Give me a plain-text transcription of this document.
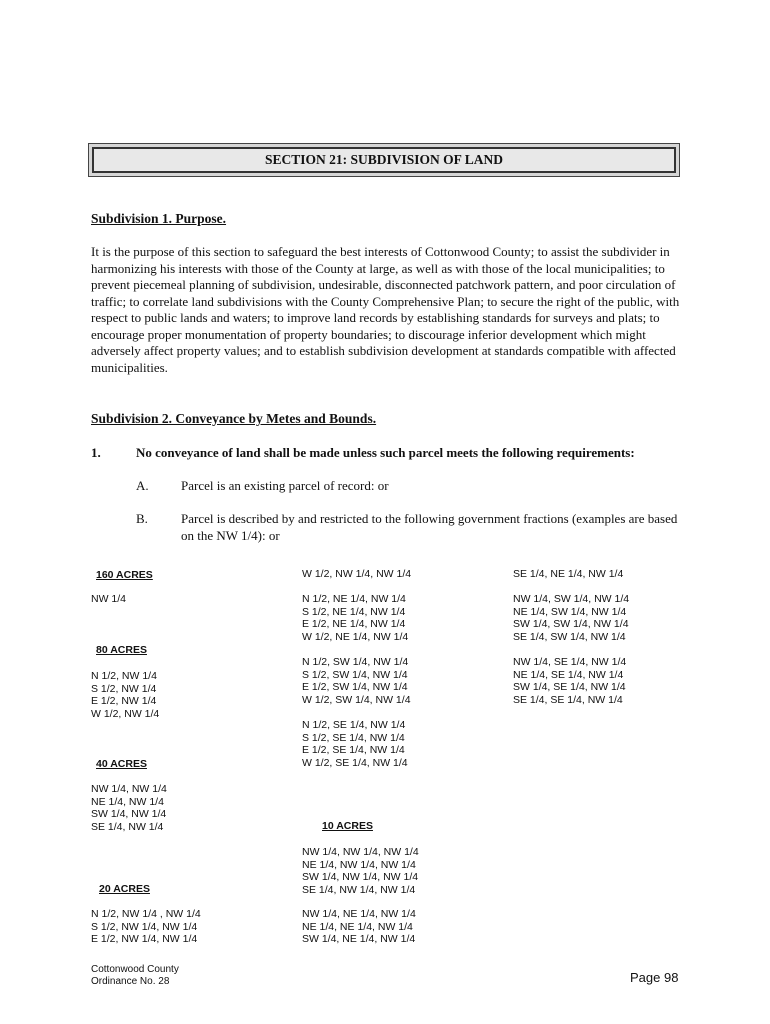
SECTION 21: SUBDIVISION OF LAND
Subdivision 1. Purpose.
It is the purpose of this section to safeguard the best interests of Cottonwood County; to assist the subdivider in harmonizing his interests with those of the County at large, as well as with those of the local municipalities; to prevent piecemeal planning of subdivision, undesirable, disconnected patchwork pattern, and poor circulation of traffic; to correlate land subdivisions with the County Comprehensive Plan; to secure the right of the public, with respect to public lands and waters; to improve land records by establishing standards for surveys and plats; to encourage proper monumentation of property boundaries; to discourage inferior development which might adversely affect property values; and to establish subdivision development at standards compatible with affected municipalities.
Subdivision 2. Conveyance by Metes and Bounds.
1.	No conveyance of land shall be made unless such parcel meets the following requirements:
A. Parcel is an existing parcel of record: or
B.	Parcel is described by and restricted to the following government fractions (examples are based on the NW 1/4): or
160 ACRES
NW 1/4
80 ACRES
N 1/2, NW 1/4
S 1/2, NW 1/4
E 1/2, NW 1/4
W 1/2, NW 1/4
40 ACRES
NW 1/4, NW 1/4
NE 1/4, NW 1/4
SW 1/4, NW 1/4
SE 1/4, NW 1/4
20 ACRES
N 1/2, NW 1/4 , NW 1/4
S 1/2, NW 1/4, NW 1/4
E 1/2, NW 1/4, NW 1/4
W 1/2, NW 1/4, NW 1/4
N 1/2, NE 1/4, NW 1/4
S 1/2, NE 1/4, NW 1/4
E 1/2, NE 1/4, NW 1/4
W 1/2, NE 1/4, NW 1/4
N 1/2, SW 1/4, NW 1/4
S 1/2, SW 1/4, NW 1/4
E 1/2, SW 1/4, NW 1/4
W 1/2, SW 1/4, NW 1/4
N 1/2, SE 1/4, NW 1/4
S 1/2, SE 1/4, NW 1/4
E 1/2, SE 1/4, NW 1/4
W 1/2, SE 1/4, NW 1/4
10 ACRES
NW 1/4, NW 1/4, NW 1/4
NE 1/4, NW 1/4, NW 1/4
SW 1/4, NW 1/4, NW 1/4
SE 1/4, NW 1/4, NW 1/4
NW 1/4, NE 1/4, NW 1/4
NE 1/4, NE 1/4, NW 1/4
SW 1/4, NE 1/4, NW 1/4
SE 1/4, NE 1/4, NW 1/4
NW 1/4, SW 1/4, NW 1/4
NE 1/4, SW 1/4, NW 1/4
SW 1/4, SW 1/4, NW 1/4
SE 1/4, SW 1/4, NW 1/4
NW 1/4, SE 1/4, NW 1/4
NE 1/4, SE 1/4, NW 1/4
SW 1/4, SE 1/4, NW 1/4
SE 1/4, SE 1/4, NW 1/4
Cottonwood County
Ordinance No. 28	Page 98
